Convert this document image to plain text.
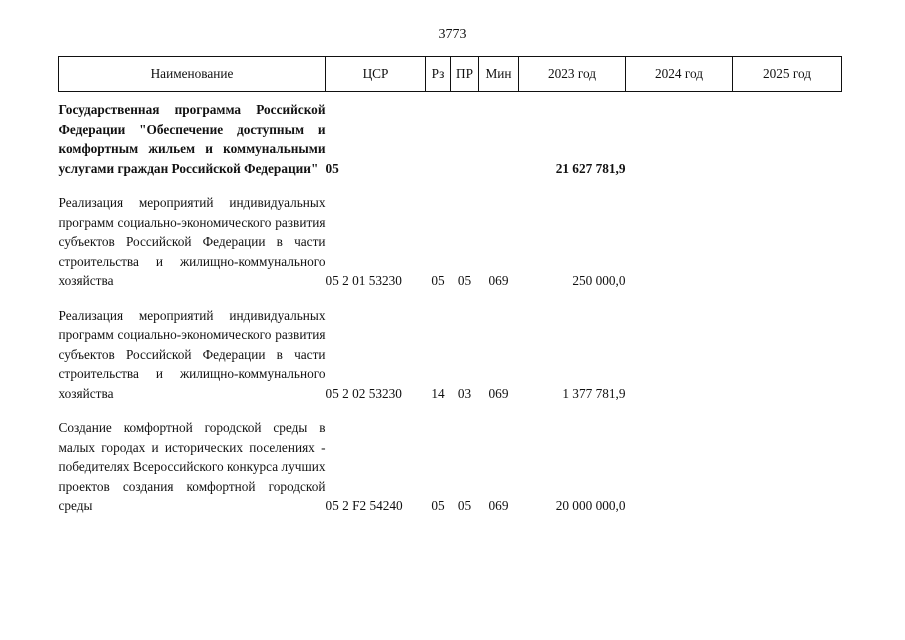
3773
Наименование	ЦСР	Рз	ПР	Мин	2023 год	2024 год	2025 год
Государственная программа Российской Федерации "Обеспечение доступным и комфортным жильем и коммунальными услугами граждан Российской Федерации"	05				21 627 781,9		
Реализация мероприятий индивидуальных программ социально-экономического развития субъектов Российской Федерации в части строительства и жилищно-коммунального хозяйства	05 2 01 53230	05	05	069	250 000,0		
Реализация мероприятий индивидуальных программ социально-экономического развития субъектов Российской Федерации в части строительства и жилищно-коммунального хозяйства	05 2 02 53230	14	03	069	1 377 781,9		
Создание комфортной городской среды в малых городах и исторических поселениях - победителях Всероссийского конкурса лучших проектов создания комфортной городской среды	05 2 F2 54240	05	05	069	20 000 000,0		
